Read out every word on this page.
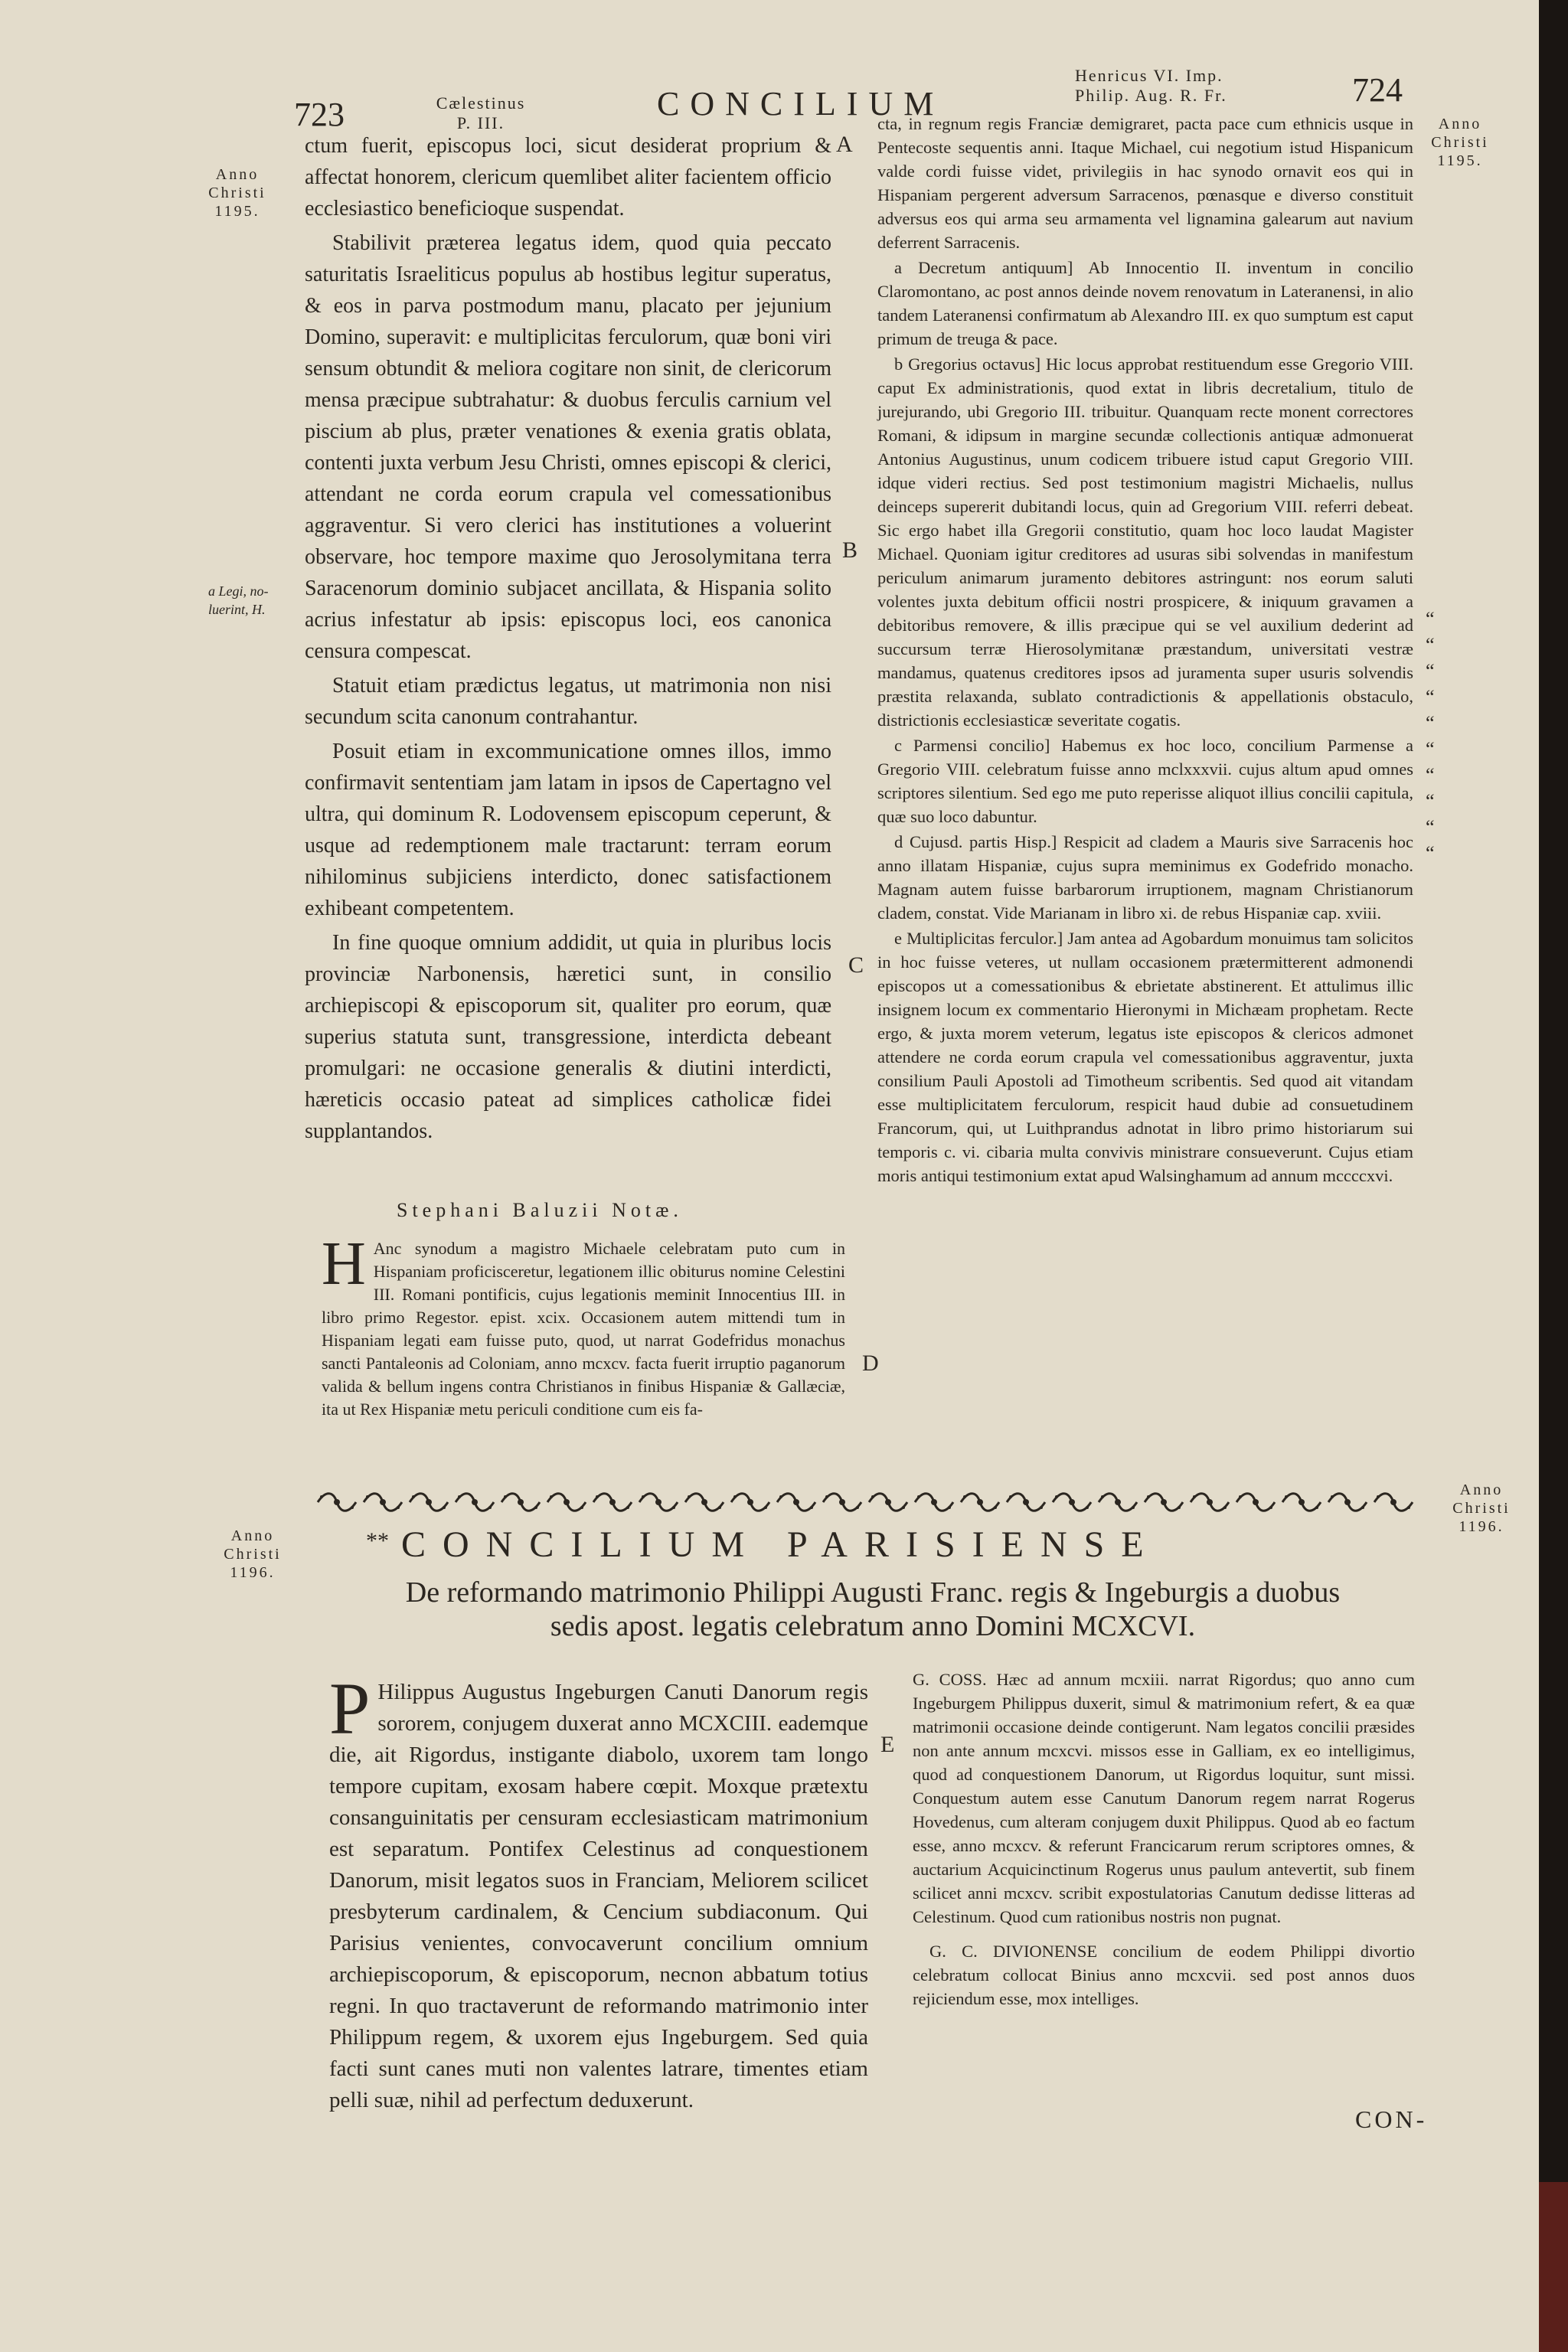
723	Cælestinus
P. III.
CONCILIUM
Henricus VI. Imp.
Philip. Aug. R. Fr.	724
Anno
Christi
1195.
Anno
Christi
1195.
a Legi, no-
luerint, H.
Anno
Christi
1196.
Anno
Christi
1196.
A
B
C
D
E
“
“
“
“
“
“
“
“
“
“

ctum fuerit, episcopus loci, sicut desiderat proprium & affectat honorem, clericum quemlibet aliter facientem officio ecclesiastico beneficioque suspendat.

Stabilivit præterea legatus idem, quod quia peccato saturitatis Israeliticus populus ab hostibus legitur superatus, & eos in parva postmodum manu, placato per jejunium Domino, superavit: e multiplicitas ferculorum, quæ boni viri sensum obtundit & meliora cogitare non sinit, de clericorum mensa præcipue subtrahatur: & duobus ferculis carnium vel piscium ab plus, præter venationes & exenia gratis oblata, contenti juxta verbum Jesu Christi, omnes episcopi & clerici, attendant ne corda eorum crapula vel comessationibus aggraventur. Si vero clerici has institutiones a voluerint observare, hoc tempore maxime quo Jerosolymitana terra Saracenorum dominio subjacet ancillata, & Hispania solito acrius infestatur ab ipsis: episcopus loci, eos canonica censura compescat.

Statuit etiam prædictus legatus, ut matrimonia non nisi secundum scita canonum contrahantur.

Posuit etiam in excommunicatione omnes illos, immo confirmavit sententiam jam latam in ipsos de Capertagno vel ultra, qui dominum R. Lodovensem episcopum ceperunt, & usque ad redemptionem male tractarunt: terram eorum nihilominus subjiciens interdicto, donec satisfactionem exhibeant competentem.

In fine quoque omnium addidit, ut quia in pluribus locis provinciæ Narbonensis, hæretici sunt, in consilio archiepiscopi & episcoporum sit, qualiter pro eorum, quæ superius statuta sunt, transgressione, interdicta debeant promulgari: ne occasione generalis & diutini interdicti, hæreticis occasio pateat ad simplices catholicæ fidei supplantandos.

Stephani Baluzii Notæ.
H Anc synodum a magistro Michaele celebratam puto cum in Hispaniam proficisceretur, legationem illic obiturus nomine Celestini III. Romani pontificis, cujus legationis meminit Innocentius III. in libro primo Regestor. epist. xcix. Occasionem autem mittendi tum in Hispaniam legati eam fuisse puto, quod, ut narrat Godefridus monachus sancti Pantaleonis ad Coloniam, anno mcxcv. facta fuerit irruptio paganorum valida & bellum ingens contra Christianos in finibus Hispaniæ & Gallæciæ, ita ut Rex Hispaniæ metu periculi conditione cum eis fa-

cta, in regnum regis Franciæ demigraret, pacta pace cum ethnicis usque in Pentecoste sequentis anni. Itaque Michael, cui negotium istud Hispanicum valde cordi fuisse videt, privilegiis in hac synodo ornavit eos qui in Hispaniam pergerent adversum Sarracenos, pœnasque e diverso constituit adversus eos qui arma seu armamenta vel lignamina galearum aut navium deferrent Sarracenis.

a Decretum antiquum] Ab Innocentio II. inventum in concilio Claromontano, ac post annos deinde novem renovatum in Lateranensi, in alio tandem Lateranensi confirmatum ab Alexandro III. ex quo sumptum est caput primum de treuga & pace.

b Gregorius octavus] Hic locus approbat restituendum esse Gregorio VIII. caput Ex administrationis, quod extat in libris decretalium, titulo de jurejurando, ubi Gregorio III. tribuitur. Quanquam recte monent correctores Romani, & idipsum in margine secundæ collectionis antiquæ admonuerat Antonius Augustinus, unum codicem tribuere istud caput Gregorio VIII. idque videri rectius. Sed post testimonium magistri Michaelis, nullus deinceps supererit dubitandi locus, quin ad Gregorium VIII. referri debeat. Sic ergo habet illa Gregorii constitutio, quam hoc loco laudat Magister Michael. Quoniam igitur creditores ad usuras sibi solvendas in manifestum periculum animarum juramento debitores astringunt: nos eorum saluti volentes juxta debitum officii nostri prospicere, & iniquum gravamen a debitoribus removere, & illis præcipue qui se vel auxilium dederint ad succursum terræ Hierosolymitanæ præstandum, universitati vestræ mandamus, quatenus creditores ipsos ad juramenta super usuris solvendis præstita relaxanda, sublato contradictionis & appellationis obstaculo, districtionis ecclesiasticæ severitate cogatis.

c Parmensi concilio] Habemus ex hoc loco, concilium Parmense a Gregorio VIII. celebratum fuisse anno mclxxxvii. cujus altum apud omnes scriptores silentium. Sed ego me puto reperisse aliquot illius concilii capitula, quæ suo loco dabuntur.

d Cujusd. partis Hisp.] Respicit ad cladem a Mauris sive Sarracenis hoc anno illatam Hispaniæ, cujus supra meminimus ex Godefrido monacho. Magnam autem fuisse barbarorum irruptionem, magnam Christianorum cladem, constat. Vide Marianam in libro xi. de rebus Hispaniæ cap. xviii.

e Multiplicitas ferculor.] Jam antea ad Agobardum monuimus tam solicitos in hoc fuisse veteres, ut nullam occasionem prætermitterent admonendi episcopos ut a comessationibus & ebrietate abstinerent. Et attulimus illic insignem locum ex commentario Hieronymi in Michæam prophetam. Recte ergo, & juxta morem veterum, legatus iste episcopos & clericos admonet attendere ne corda eorum crapula vel comessationibus aggraventur, juxta consilium Pauli Apostoli ad Timotheum scribentis. Sed quod ait vitandam esse multiplicitatem ferculorum, respicit haud dubie ad consuetudinem Francorum, qui, ut Luithprandus adnotat in libro primo historiarum sui temporis c. vi. cibaria multa convivis ministrare consueverunt. Cujus etiam moris antiqui testimonium extat apud Walsinghamum ad annum mccccxvi.

** CONCILIUM PARISIENSE
De reformando matrimonio Philippi Augusti Franc. regis & Ingeburgis a duobus sedis apost. legatis celebratum anno Domini MCXCVI.
P Hilippus Augustus Ingeburgen Canuti Danorum regis sororem, conjugem duxerat anno MCXCIII. eademque die, ait Rigordus, instigante diabolo, uxorem tam longo tempore cupitam, exosam habere cœpit. Moxque prætextu consanguinitatis per censuram ecclesiasticam matrimonium est separatum. Pontifex Celestinus ad conquestionem Danorum, misit legatos suos in Franciam, Meliorem scilicet presbyterum cardinalem, & Cencium subdiaconum. Qui Parisius venientes, convocaverunt concilium omnium archiepiscoporum, & episcoporum, necnon abbatum totius regni. In quo tractaverunt de reformando matrimonio inter Philippum regem, & uxorem ejus Ingeburgem. Sed quia facti sunt canes muti non valentes latrare, timentes etiam pelli suæ, nihil ad perfectum deduxerunt.

G. COSS. Hæc ad annum mcxiii. narrat Rigordus; quo anno cum Ingeburgem Philippus duxerit, simul & matrimonium refert, & ea quæ matrimonii occasione deinde contigerunt. Nam legatos concilii præsides non ante annum mcxcvi. missos esse in Galliam, ex eo intelligimus, quod ad conquestionem Danorum, ut Rigordus loquitur, sunt missi. Conquestum autem esse Canutum Danorum regem narrat Rogerus Hovedenus, cum alteram conjugem duxit Philippus. Quod ab eo factum esse, anno mcxcv. & referunt Francicarum rerum scriptores omnes, & auctarium Acquicinctinum Rogerus unus paulum antevertit, sub finem scilicet anni mcxcv. scribit expostulatorias Canutum dedisse litteras ad Celestinum. Quod cum rationibus nostris non pugnat.

G. C. DIVIONENSE concilium de eodem Philippi divortio celebratum collocat Binius anno mcxcvii. sed post annos duos rejiciendum esse, mox intelliges.

CON-
